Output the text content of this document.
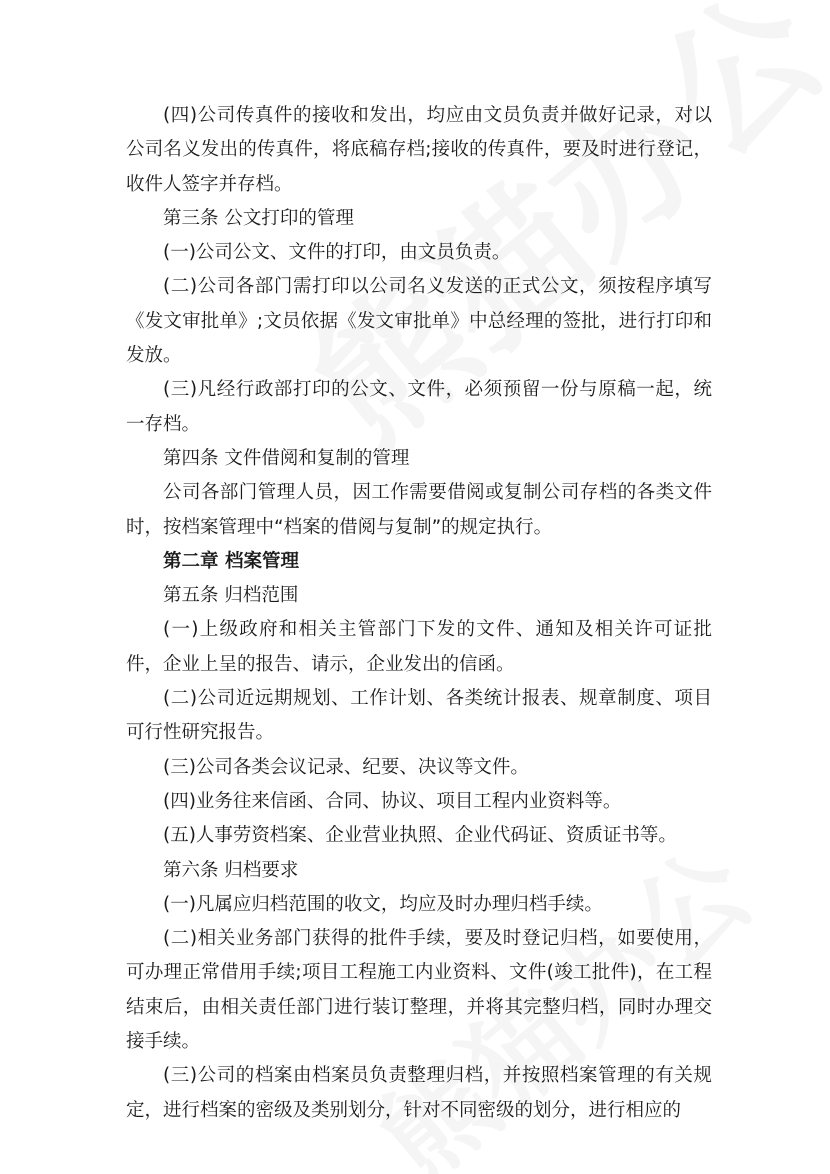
(四)公司传真件的接收和发出，均应由文员负责并做好记录，对以公司名义发出的传真件，将底稿存档;接收的传真件，要及时进行登记，收件人签字并存档。

第三条 公文打印的管理

(一)公司公文、文件的打印，由文员负责。

(二)公司各部门需打印以公司名义发送的正式公文，须按程序填写《发文审批单》;文员依据《发文审批单》中总经理的签批，进行打印和发放。

(三)凡经行政部打印的公文、文件，必须预留一份与原稿一起，统一存档。

第四条 文件借阅和复制的管理

公司各部门管理人员，因工作需要借阅或复制公司存档的各类文件时，按档案管理中“档案的借阅与复制”的规定执行。

第二章 档案管理

第五条 归档范围

(一)上级政府和相关主管部门下发的文件、通知及相关许可证批件，企业上呈的报告、请示，企业发出的信函。

(二)公司近远期规划、工作计划、各类统计报表、规章制度、项目可行性研究报告。

(三)公司各类会议记录、纪要、决议等文件。

(四)业务往来信函、合同、协议、项目工程内业资料等。

(五)人事劳资档案、企业营业执照、企业代码证、资质证书等。

第六条 归档要求

(一)凡属应归档范围的收文，均应及时办理归档手续。

(二)相关业务部门获得的批件手续，要及时登记归档，如要使用，可办理正常借用手续;项目工程施工内业资料、文件(竣工批件)，在工程结束后，由相关责任部门进行装订整理，并将其完整归档，同时办理交接手续。

(三)公司的档案由档案员负责整理归档，并按照档案管理的有关规定，进行档案的密级及类别划分，针对不同密级的划分，进行相应的
